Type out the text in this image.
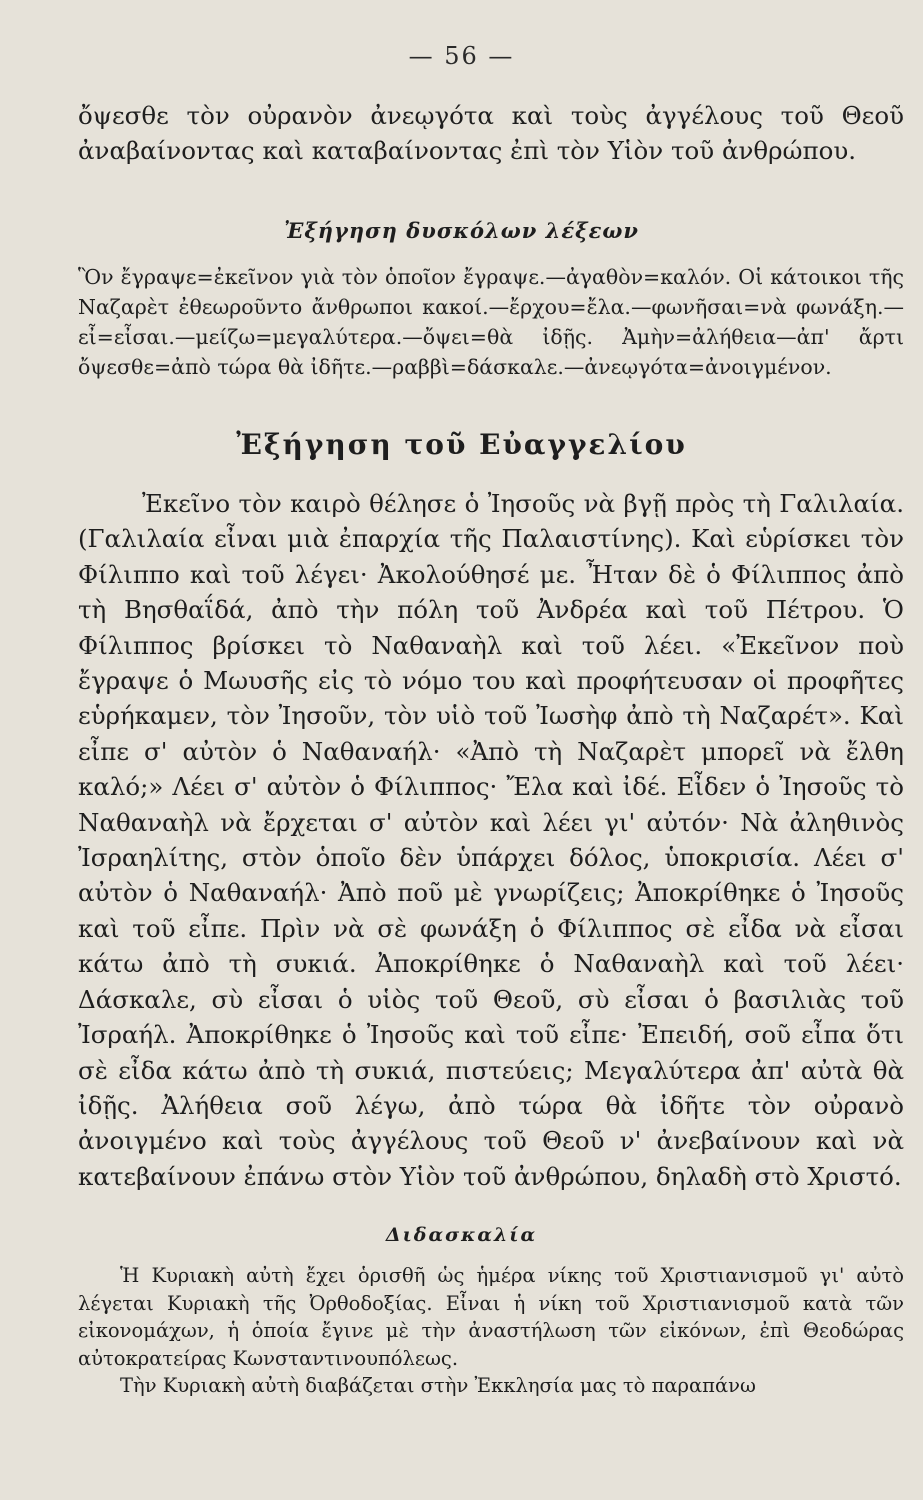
— 56 —
ὄψεσθε τὸν οὐρανὸν ἀνεῳγότα καὶ τοὺς ἀγγέλους τοῦ Θεοῦ ἀναβαίνοντας καὶ καταβαίνοντας ἐπὶ τὸν Υἱὸν τοῦ ἀνθρώπου.
Ἐξήγηση δυσκόλων λέξεων
Ὃν ἔγραψε=ἐκεῖνον γιὰ τὸν ὁποῖον ἔγραψε.—ἀγαθὸν=καλόν. Οἱ κάτοικοι τῆς Ναζαρὲτ ἐθεωροῦντο ἄνθρωποι κακοί.—ἔρχου=ἔλα.—φωνῆσαι=νὰ φωνάξη.—εἶ=εἶσαι.—μείζω=μεγαλύτερα.—ὄψει=θὰ ἰδῇς. Ἀμὴν=ἀλήθεια—ἀπ' ἄρτι ὄψεσθε=ἀπὸ τώρα θὰ ἰδῆτε.—ραββὶ=δάσκαλε.—ἀνεῳγότα=ἀνοιγμένον.
Ἐξήγηση τοῦ Εὐαγγελίου
Ἐκεῖνο τὸν καιρὸ θέλησε ὁ Ἰησοῦς νὰ βγῇ πρὸς τὴ Γαλιλαία. (Γαλιλαία εἶναι μιὰ ἐπαρχία τῆς Παλαιστίνης). Καὶ εὑρίσκει τὸν Φίλιππο καὶ τοῦ λέγει· Ἀκολούθησέ με. Ἦταν δὲ ὁ Φίλιππος ἀπὸ τὴ Βησθαΐδά, ἀπὸ τὴν πόλη τοῦ Ἀνδρέα καὶ τοῦ Πέτρου. Ὁ Φίλιππος βρίσκει τὸ Ναθαναὴλ καὶ τοῦ λέει. «Ἐκεῖνον ποὺ ἔγραψε ὁ Μωυσῆς εἰς τὸ νόμο του καὶ προφήτευσαν οἱ προφῆτες εὑρήκαμεν, τὸν Ἰησοῦν, τὸν υἱὸ τοῦ Ἰωσὴφ ἀπὸ τὴ Ναζαρέτ». Καὶ εἶπε σ' αὐτὸν ὁ Ναθαναήλ· «Ἀπὸ τὴ Ναζαρὲτ μπορεῖ νὰ ἔλθη καλό;» Λέει σ' αὐτὸν ὁ Φίλιππος· Ἔλα καὶ ἰδέ. Εἶδεν ὁ Ἰησοῦς τὸ Ναθαναὴλ νὰ ἔρχεται σ' αὐτὸν καὶ λέει γι' αὐτόν· Νὰ ἀληθινὸς Ἰσραηλίτης, στὸν ὁποῖο δὲν ὑπάρχει δόλος, ὑποκρισία. Λέει σ' αὐτὸν ὁ Ναθαναήλ· Ἀπὸ ποῦ μὲ γνωρίζεις; Ἀποκρίθηκε ὁ Ἰησοῦς καὶ τοῦ εἶπε. Πρὶν νὰ σὲ φωνάξη ὁ Φίλιππος σὲ εἶδα νὰ εἶσαι κάτω ἀπὸ τὴ συκιά. Ἀποκρίθηκε ὁ Ναθαναὴλ καὶ τοῦ λέει· Δάσκαλε, σὺ εἶσαι ὁ υἱὸς τοῦ Θεοῦ, σὺ εἶσαι ὁ βασιλιὰς τοῦ Ἰσραήλ. Ἀποκρίθηκε ὁ Ἰησοῦς καὶ τοῦ εἶπε· Ἐπειδή, σοῦ εἶπα ὅτι σὲ εἶδα κάτω ἀπὸ τὴ συκιά, πιστεύεις; Μεγαλύτερα ἀπ' αὐτὰ θὰ ἰδῇς. Ἀλήθεια σοῦ λέγω, ἀπὸ τώρα θὰ ἰδῆτε τὸν οὐρανὸ ἀνοιγμένο καὶ τοὺς ἀγγέλους τοῦ Θεοῦ ν' ἀνεβαίνουν καὶ νὰ κατεβαίνουν ἐπάνω στὸν Υἱὸν τοῦ ἀνθρώπου, δηλαδὴ στὸ Χριστό.
Διδασκαλία

Ἡ Κυριακὴ αὐτὴ ἔχει ὁρισθῆ ὡς ἡμέρα νίκης τοῦ Χριστιανισμοῦ γι' αὐτὸ λέγεται Κυριακὴ τῆς Ὀρθοδοξίας. Εἶναι ἡ νίκη τοῦ Χριστιανισμοῦ κατὰ τῶν εἰκονομάχων, ἡ ὁποία ἔγινε μὲ τὴν ἀναστήλωση τῶν εἰκόνων, ἐπὶ Θεοδώρας αὐτοκρατείρας Κωνσταντινουπόλεως.

Τὴν Κυριακὴ αὐτὴ διαβάζεται στὴν Ἐκκλησία μας τὸ παραπάνω
